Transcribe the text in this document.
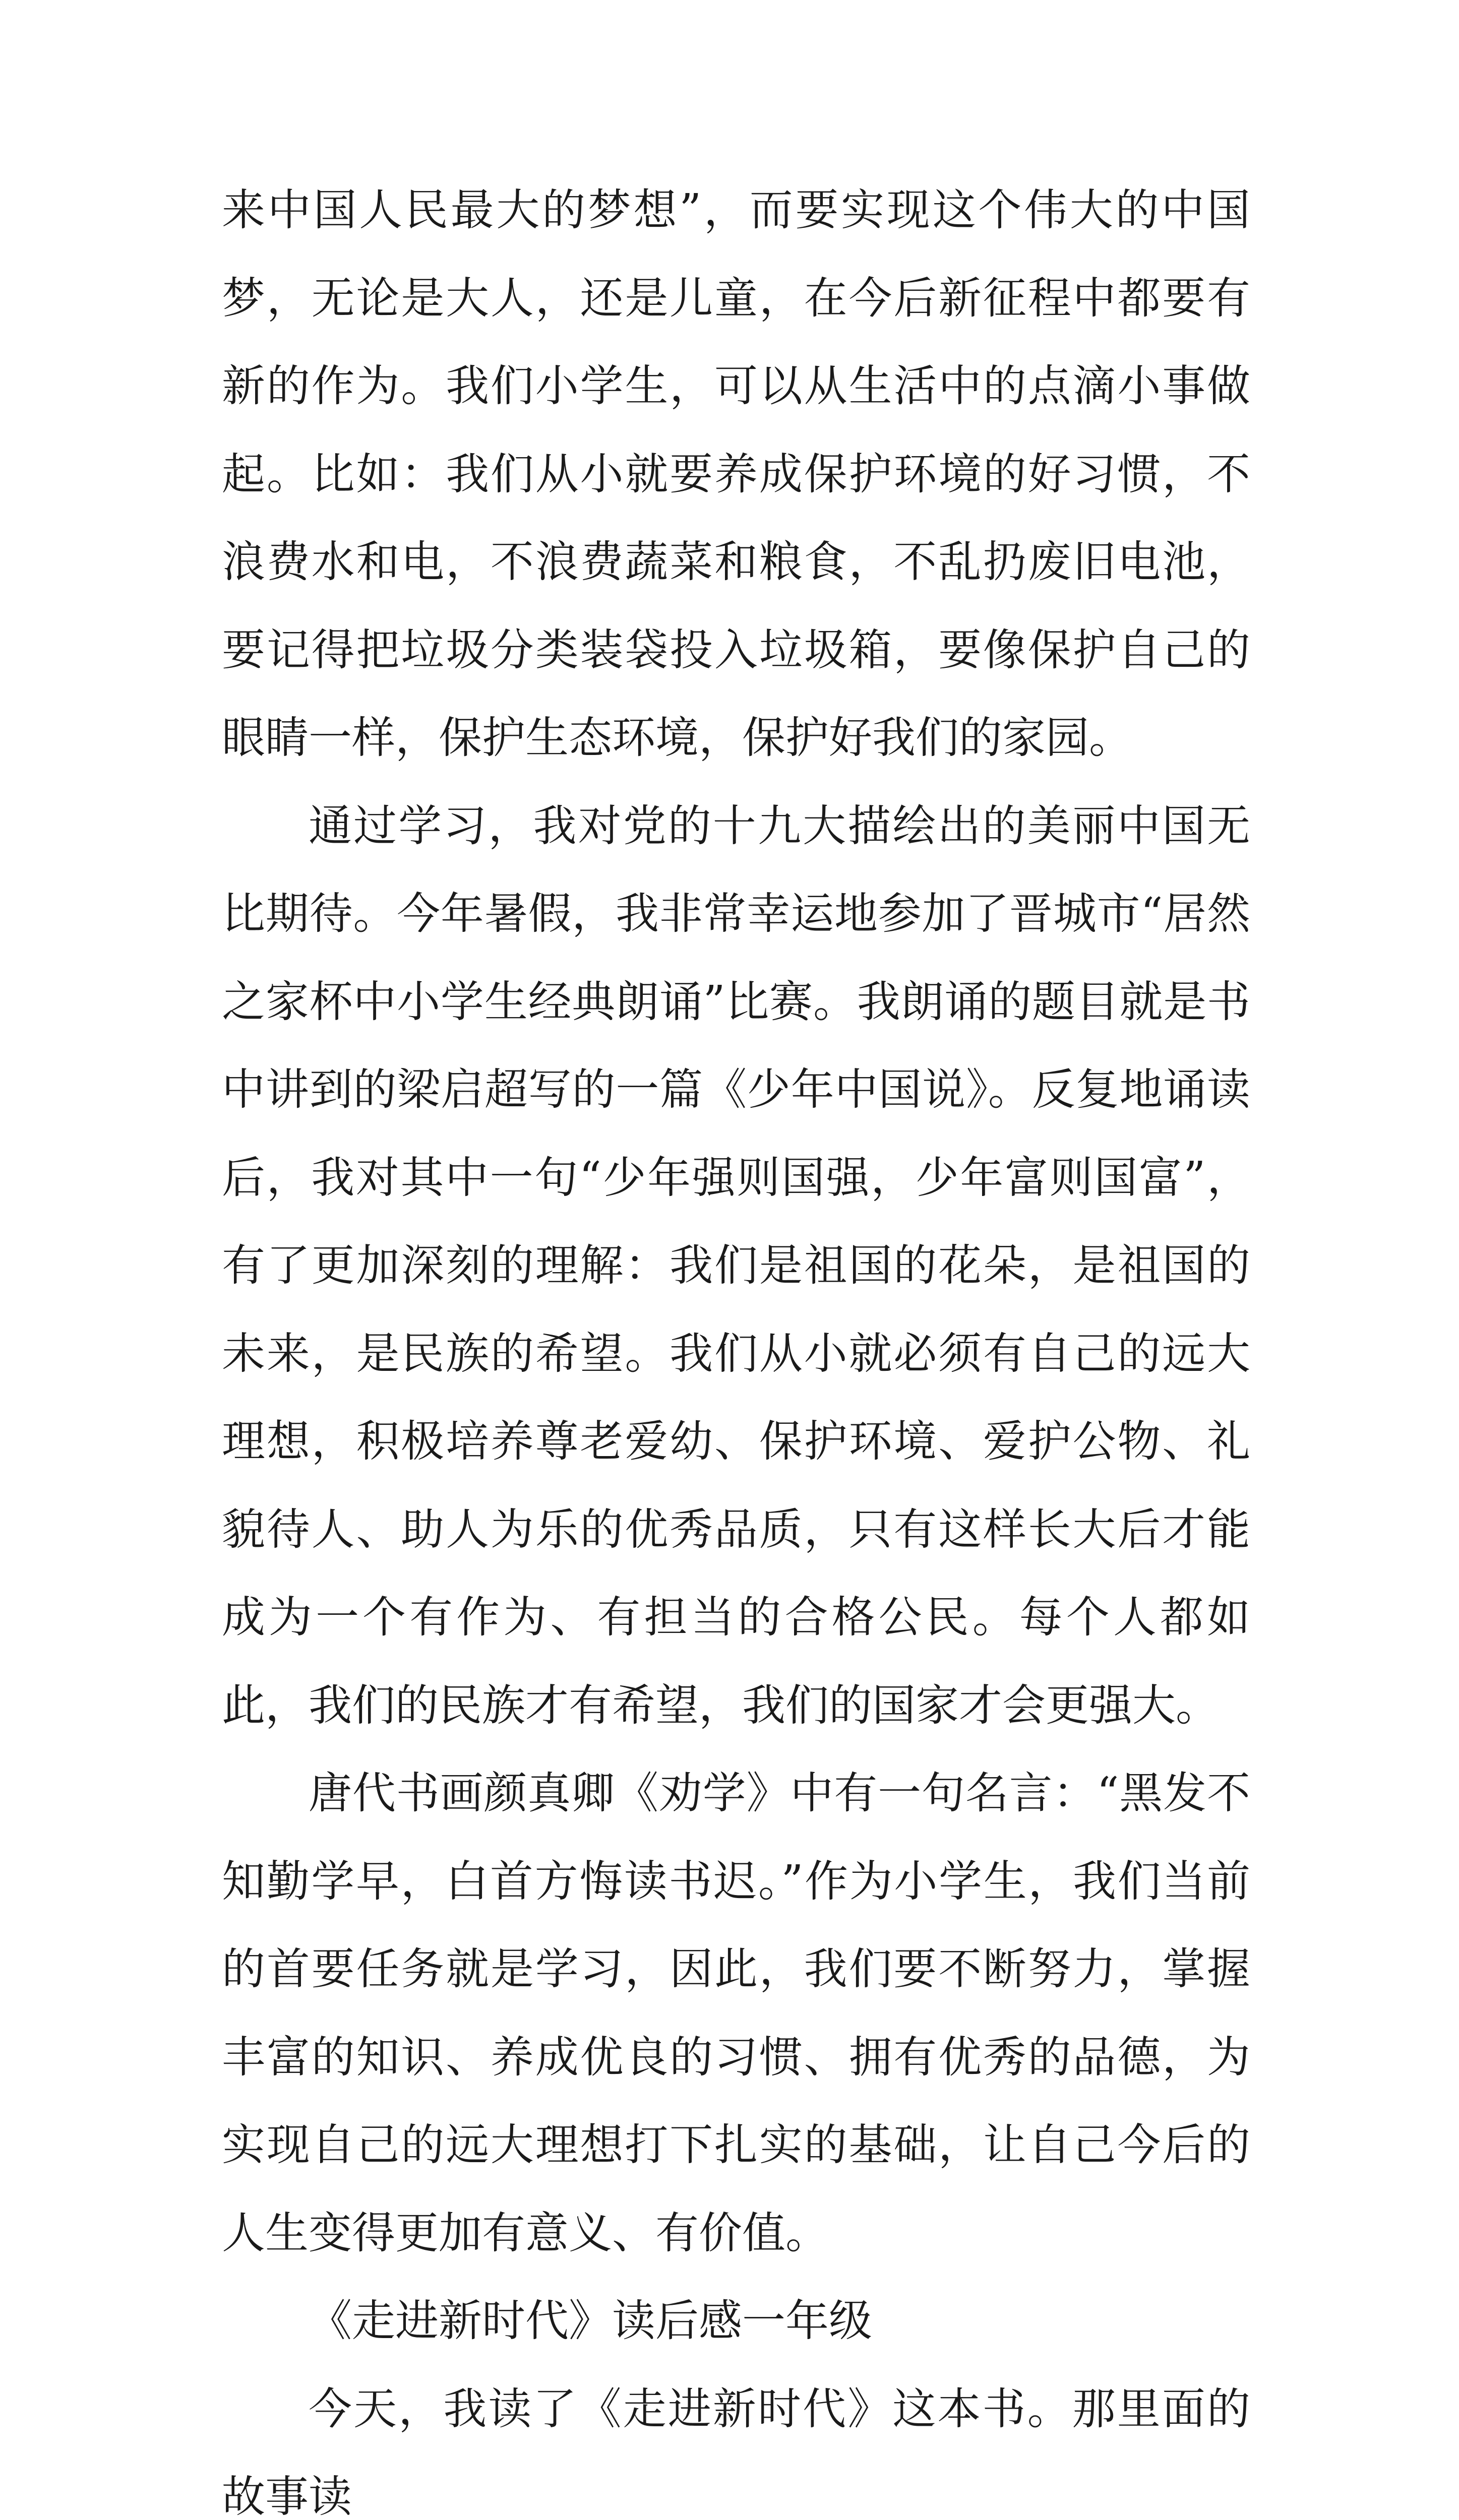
来中国人民最大的梦想”，而要实现这个伟大的中国梦，无论是大人，还是儿童，在今后新征程中都要有新的作为。我们小学生，可以从生活中的点滴小事做起。比如：我们从小就要养成保护环境的好习惯，不浪费水和电，不浪费蔬菜和粮食，不乱扔废旧电池，要记得把垃圾分类装袋投入垃圾箱，要像保护自己的眼睛一样，保护生态环境，保护好我们的家园。

通过学习，我对党的十九大描绘出的美丽中国无比期待。今年暑假，我非常幸运地参加了晋城市“居然之家杯中小学生经典朗诵”比赛。我朗诵的题目就是书中讲到的梁启超写的一篇《少年中国说》。反复地诵读后，我对其中一句“少年强则国强，少年富则国富”，有了更加深刻的理解：我们是祖国的花朵，是祖国的未来，是民族的希望。我们从小就必须有自己的远大理想，积极培养尊老爱幼、保护环境、爱护公物、礼貌待人、助人为乐的优秀品质，只有这样长大后才能成为一个有作为、有担当的合格公民。每个人都如此，我们的民族才有希望，我们的国家才会更强大。

唐代书画颜真卿《劝学》中有一句名言：“黑发不知勤学早，白首方悔读书迟。”作为小学生，我们当前的首要任务就是学习，因此，我们要不断努力，掌握丰富的知识、养成优良的习惯、拥有优秀的品德，为实现自己的远大理想打下扎实的基础，让自己今后的人生变得更加有意义、有价值。

《走进新时代》读后感一年级

今天，我读了《走进新时代》这本书。那里面的故事读
